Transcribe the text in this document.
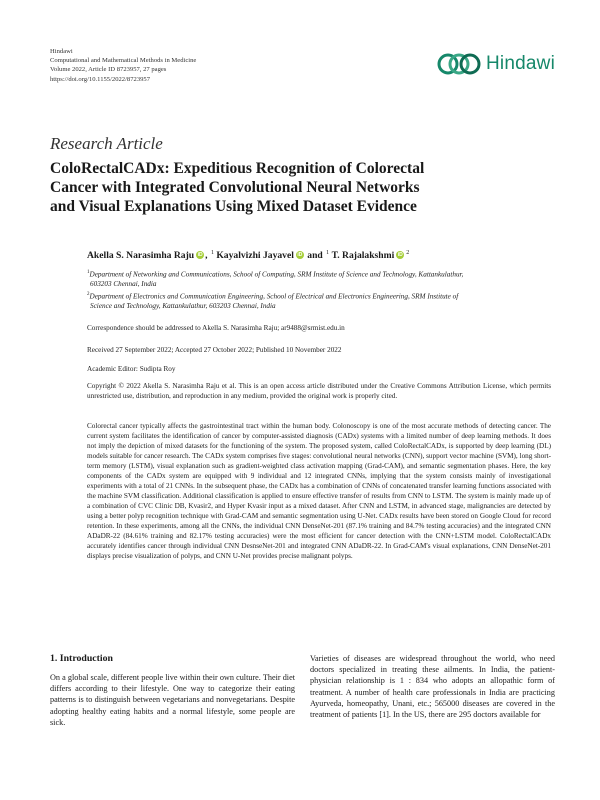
Hindawi
Computational and Mathematical Methods in Medicine
Volume 2022, Article ID 8723957, 27 pages
https://doi.org/10.1155/2022/8723957
Hindawi
Research Article
ColoRectalCADx: Expeditious Recognition of Colorectal
Cancer with Integrated Convolutional Neural Networks
and Visual Explanations Using Mixed Dataset Evidence
Akella S. Narasimha Raju iD , 1
Kayalvizhi Jayavel iD and 1
T. Rajalakshmi iD 2
$^1$Department of Networking and Communications, School of Computing, SRM Institute of Science and Technology, Kattankulathur,
603203 Chennai, India
$^2$Department of Electronics and Communication Engineering, School of Electrical and Electronics Engineering, SRM Institute of
Science and Technology, Kattankulathur, 603203 Chennai, India
Correspondence should be addressed to Akella S. Narasimha Raju; ar9488@srmist.edu.in
Received 27 September 2022; Accepted 27 October 2022; Published 10 November 2022
Academic Editor: Sudipta Roy
Copyright © 2022 Akella S. Narasimha Raju et al. This is an open access article distributed under the Creative Commons Attribution License, which permits unrestricted use, distribution, and reproduction in any medium, provided the original work is properly cited.
Colorectal cancer typically affects the gastrointestinal tract within the human body. Colonoscopy is one of the most accurate methods of detecting cancer. The current system facilitates the identification of cancer by computer-assisted diagnosis (CADx) systems with a limited number of deep learning methods. It does not imply the depiction of mixed datasets for the functioning of the system. The proposed system, called ColoRectalCADx, is supported by deep learning (DL) models suitable for cancer research. The CADx system comprises five stages: convolutional neural networks (CNN), support vector machine (SVM), long short-term memory (LSTM), visual explanation such as gradient-weighted class activation mapping (Grad-CAM), and semantic segmentation phases. Here, the key components of the CADx system are equipped with 9 individual and 12 integrated CNNs, implying that the system consists mainly of investigational experiments with a total of 21 CNNs. In the subsequent phase, the CADx has a combination of CNNs of concatenated transfer learning functions associated with the machine SVM classification. Additional classification is applied to ensure effective transfer of results from CNN to LSTM. The system is mainly made up of a combination of CVC Clinic DB, Kvasir2, and Hyper Kvasir input as a mixed dataset. After CNN and LSTM, in advanced stage, malignancies are detected by using a better polyp recognition technique with Grad-CAM and semantic segmentation using U-Net. CADx results have been stored on Google Cloud for record retention. In these experiments, among all the CNNs, the individual CNN DenseNet-201 (87.1% training and 84.7% testing accuracies) and the integrated CNN ADaDR-22 (84.61% training and 82.17% testing accuracies) were the most efficient for cancer detection with the CNN+LSTM model. ColoRectalCADx accurately identifies cancer through individual CNN DesnseNet-201 and integrated CNN ADaDR-22. In Grad-CAM's visual explanations, CNN DenseNet-201 displays precise visualization of polyps, and CNN U-Net provides precise malignant polyps.
1. Introduction
On a global scale, different people live within their own culture. Their diet differs according to their lifestyle. One way to categorize their eating patterns is to distinguish between vegetarians and nonvegetarians. Despite adopting healthy eating habits and a normal lifestyle, some people are sick.
Varieties of diseases are widespread throughout the world, who need doctors specialized in treating these ailments. In India, the patient-physician relationship is 1 : 834 who adopts an allopathic form of treatment. A number of health care professionals in India are practicing Ayurveda, homeopathy, Unani, etc.; 565000 diseases are covered in the treatment of patients [1]. In the US, there are 295 doctors available for
